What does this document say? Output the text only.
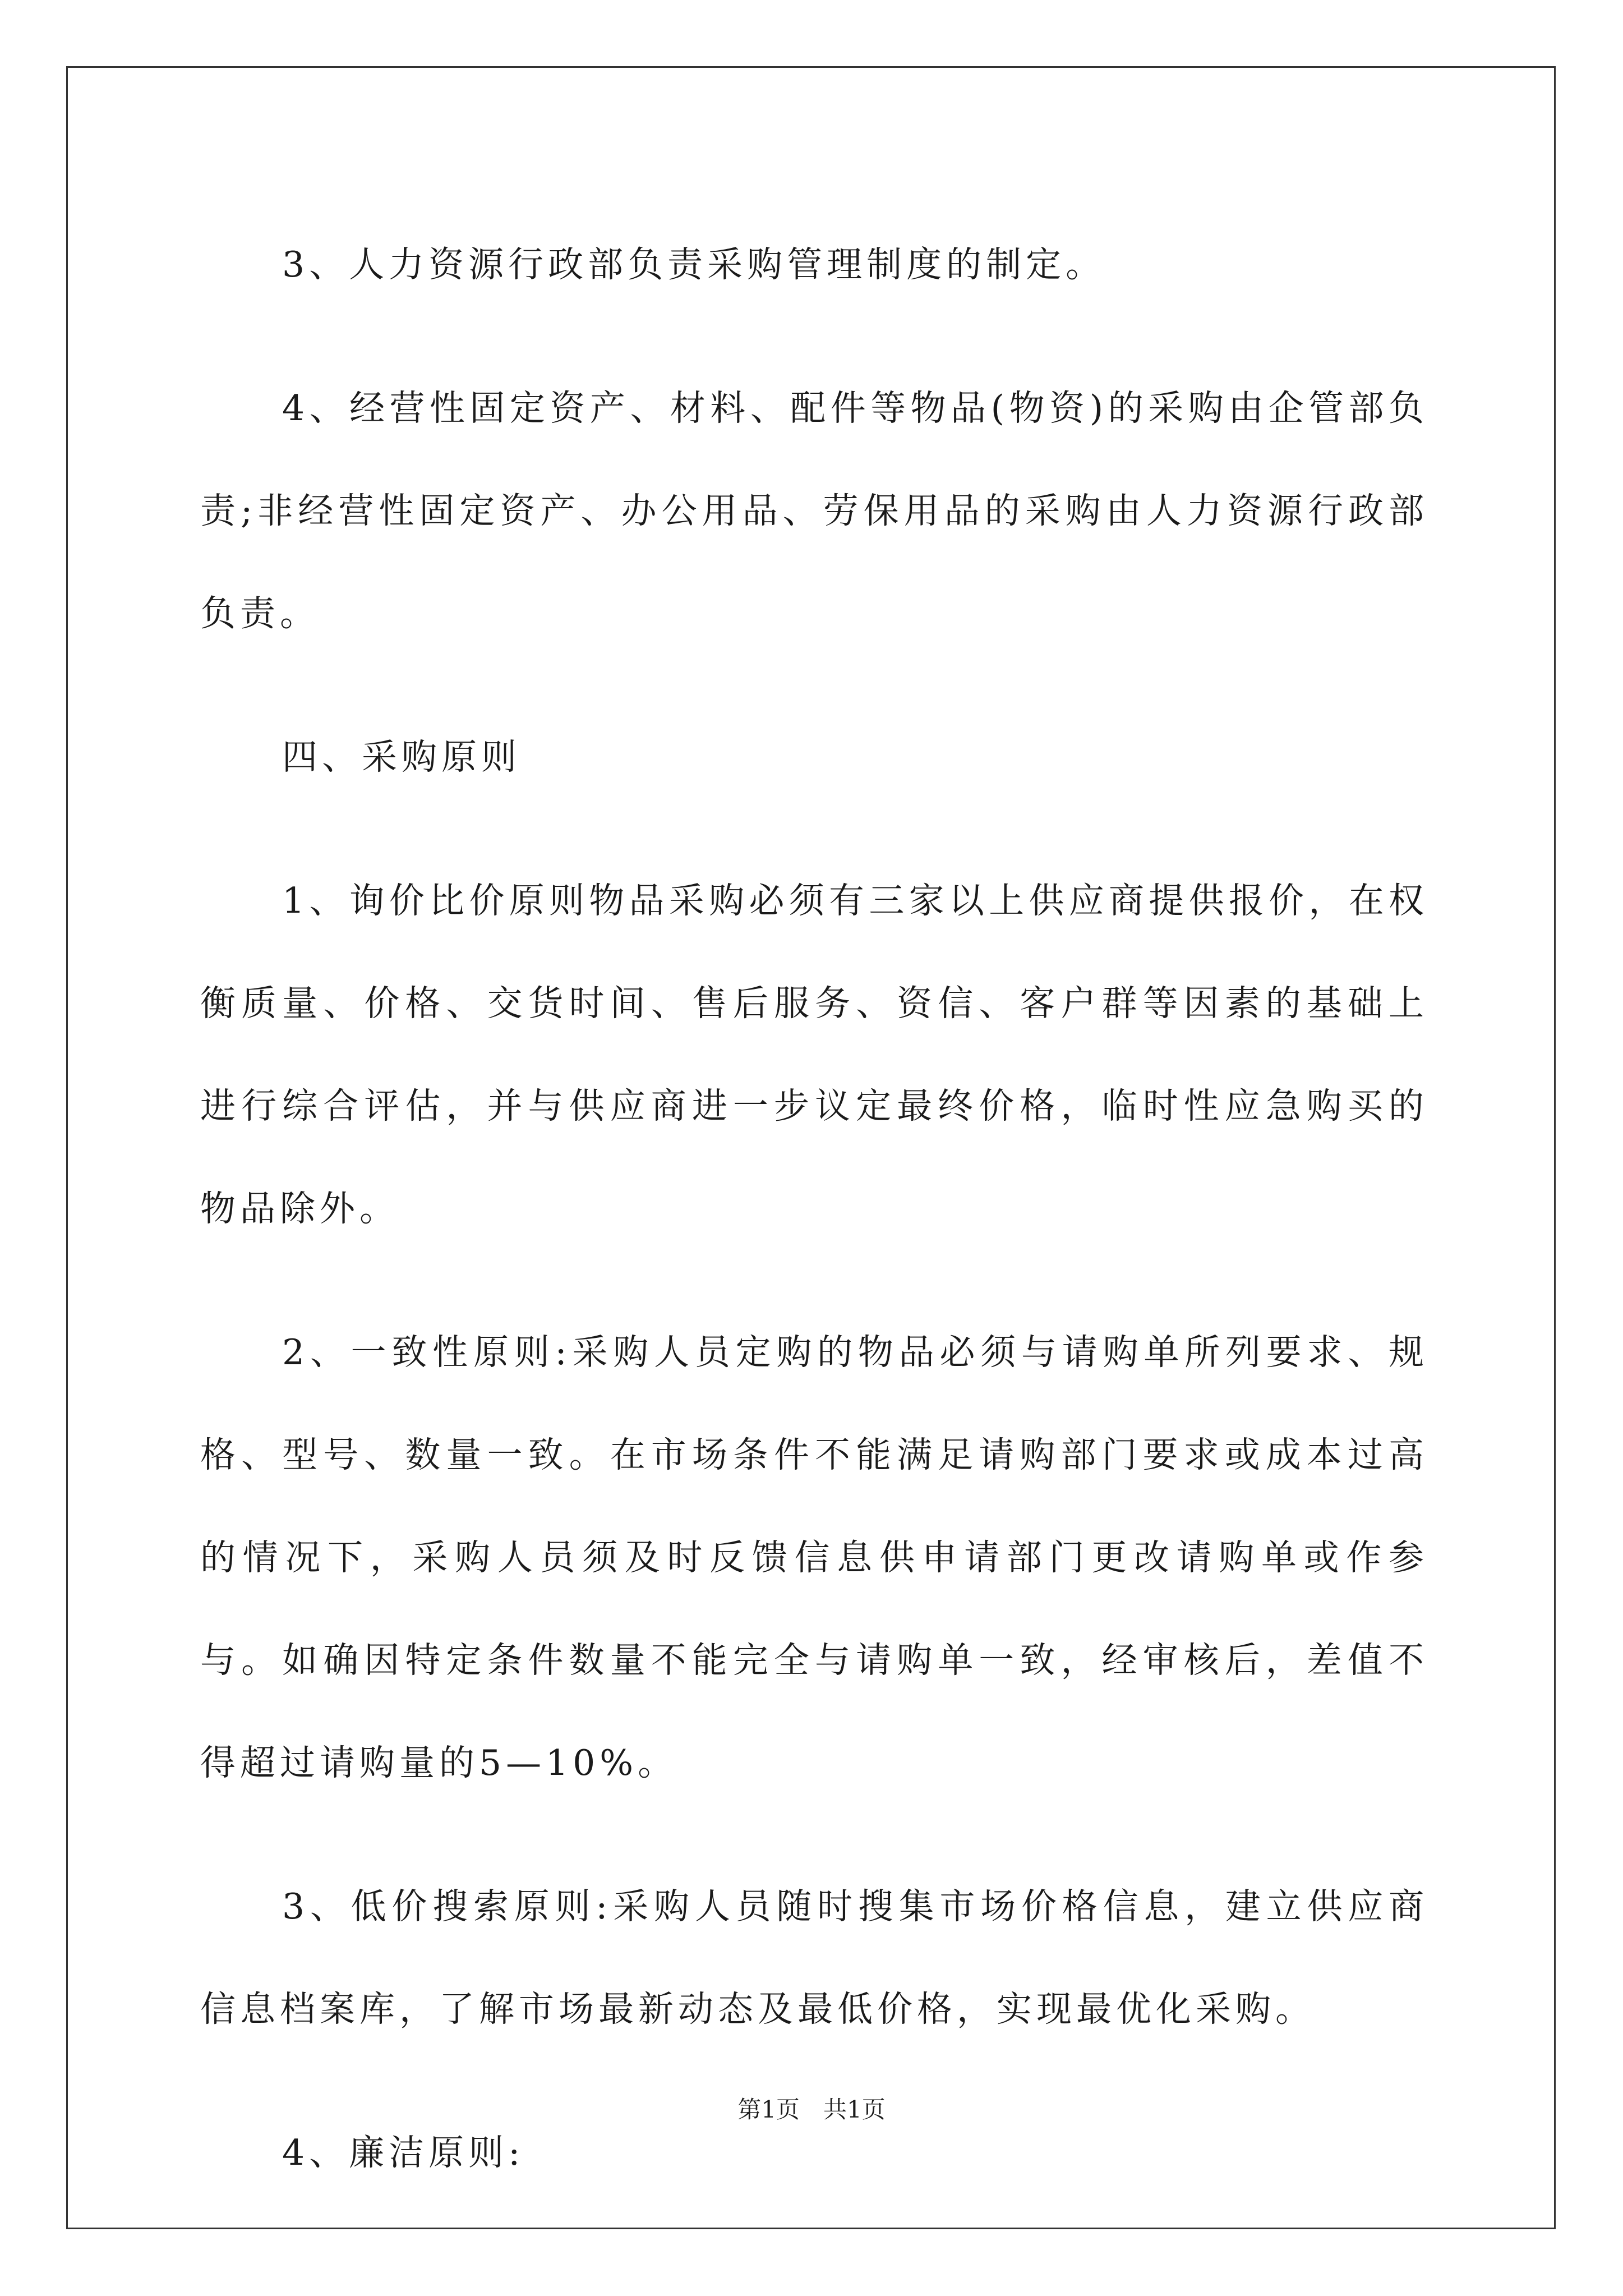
3、人力资源行政部负责采购管理制度的制定。

4、经营性固定资产、材料、配件等物品(物资)的采购由企管部负责;非经营性固定资产、办公用品、劳保用品的采购由人力资源行政部负责。

四、采购原则

1、询价比价原则物品采购必须有三家以上供应商提供报价，在权衡质量、价格、交货时间、售后服务、资信、客户群等因素的基础上进行综合评估，并与供应商进一步议定最终价格，临时性应急购买的物品除外。

2、一致性原则:采购人员定购的物品必须与请购单所列要求、规格、型号、数量一致。在市场条件不能满足请购部门要求或成本过高的情况下，采购人员须及时反馈信息供申请部门更改请购单或作参与。如确因特定条件数量不能完全与请购单一致，经审核后，差值不得超过请购量的5—10%。

3、低价搜索原则:采购人员随时搜集市场价格信息，建立供应商信息档案库，了解市场最新动态及最低价格，实现最优化采购。

4、廉洁原则:

第1页　共1页
